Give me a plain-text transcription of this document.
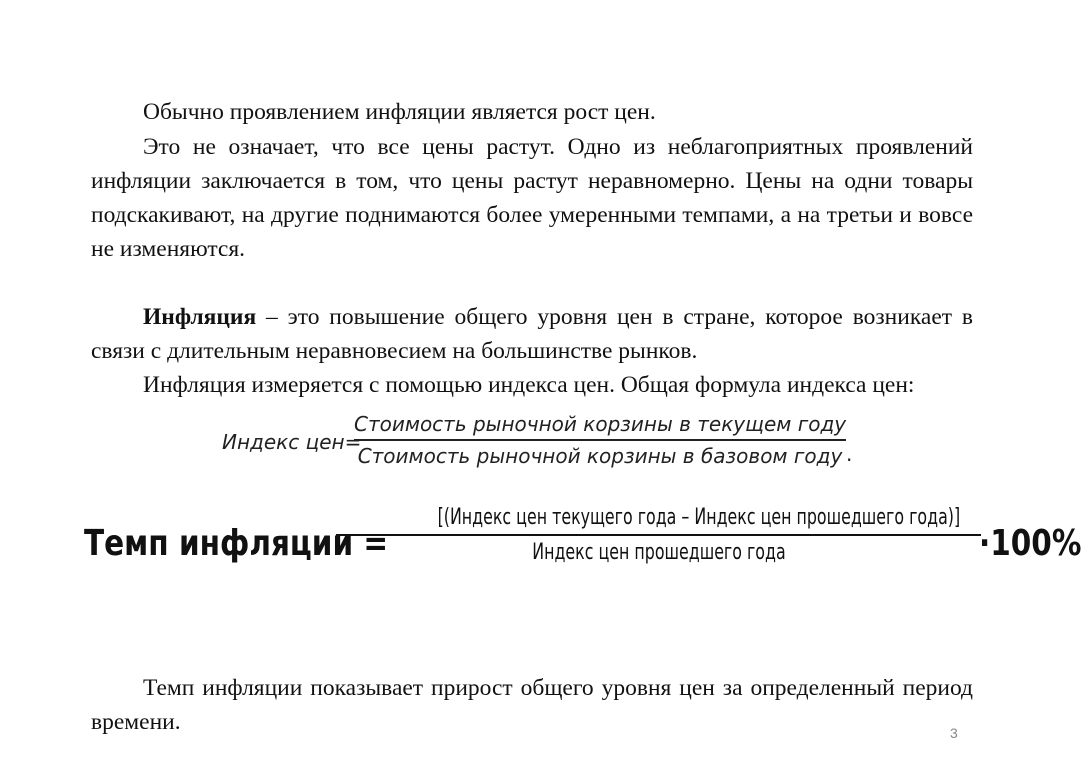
Обычно проявлением инфляции является рост цен.

Это не означает, что все цены растут. Одно из неблагоприятных проявлений инфляции заключается в том, что цены растут неравномерно. Цены на одни товары подскакивают, на другие поднимаются более умеренными темпами, а на третьи и вовсе не изменяются.

Инфляция – это повышение общего уровня цен в стране, которое возникает в связи с длительным неравновесием на большинстве рынков.

Инфляция измеряется с помощью индекса цен. Общая формула индекса цен:

Индекс цен=
Стоимость рыночной корзины в текущем году
Стоимость рыночной корзины в базовом году .
Темп инфляции =
[(Индекс цен текущего года – Индекс цен прошедшего года)]
Индекс цен прошедшего года	·100%

Темп инфляции показывает прирост общего уровня цен за определенный период времени.	3
